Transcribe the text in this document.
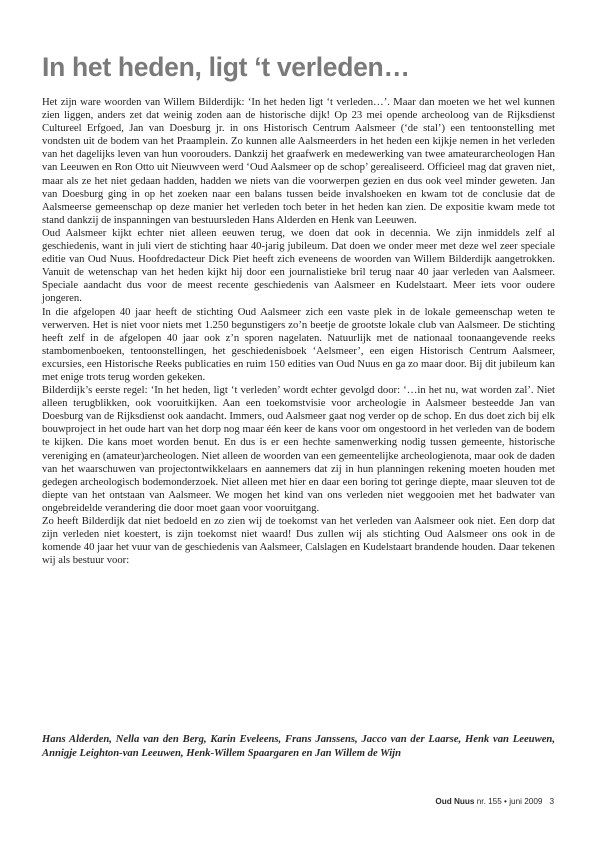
In het heden, ligt ‘t verleden…

Het zijn ware woorden van Willem Bilderdijk: ‘In het heden ligt ‘t verleden…’. Maar dan moeten we het wel kunnen zien liggen, anders zet dat weinig zoden aan de historische dijk! Op 23 mei opende archeoloog van de Rijksdienst Cultureel Erfgoed, Jan van Doesburg jr. in ons Historisch Centrum Aalsmeer (‘de stal’) een tentoonstelling met vondsten uit de bodem van het Praamplein. Zo kunnen alle Aalsmeerders in het heden een kijkje nemen in het verleden van het dagelijks leven van hun voorouders. Dankzij het graafwerk en medewerking van twee amateurarcheologen Han van Leeuwen en Ron Otto uit Nieuwveen werd ‘Oud Aalsmeer op de schop’ gerealiseerd. Officieel mag dat graven niet, maar als ze het niet gedaan hadden, hadden we niets van die voorwerpen gezien en dus ook veel minder geweten. Jan van Doesburg ging in op het zoeken naar een balans tussen beide invalshoeken en kwam tot de conclusie dat de Aalsmeerse gemeenschap op deze manier het verleden toch beter in het heden kan zien. De expositie kwam mede tot stand dankzij de inspanningen van bestuursleden Hans Alderden en Henk van Leeuwen.

Oud Aalsmeer kijkt echter niet alleen eeuwen terug, we doen dat ook in decennia. We zijn inmiddels zelf al geschiedenis, want in juli viert de stichting haar 40-jarig jubileum. Dat doen we onder meer met deze wel zeer speciale editie van Oud Nuus. Hoofdredacteur Dick Piet heeft zich eveneens de woorden van Willem Bilderdijk aangetrokken. Vanuit de wetenschap van het heden kijkt hij door een journalistieke bril terug naar 40 jaar verleden van Aalsmeer. Speciale aandacht dus voor de meest recente geschiedenis van Aalsmeer en Kudelstaart. Meer iets voor oudere jongeren.

In die afgelopen 40 jaar heeft de stichting Oud Aalsmeer zich een vaste plek in de lokale gemeenschap weten te verwerven. Het is niet voor niets met 1.250 begunstigers zo’n beetje de grootste lokale club van Aalsmeer. De stichting heeft zelf in de afgelopen 40 jaar ook z’n sporen nagelaten. Natuurlijk met de nationaal toonaangevende reeks stambomenboeken, tentoonstellingen, het geschiedenisboek ‘Aelsmeer’, een eigen Historisch Centrum Aalsmeer, excursies, een Historische Reeks publicaties en ruim 150 edities van Oud Nuus en ga zo maar door. Bij dit jubileum kan met enige trots terug worden gekeken.

Bilderdijk’s eerste regel: ‘In het heden, ligt ‘t verleden’ wordt echter gevolgd door: ‘…in het nu, wat worden zal’. Niet alleen terugblikken, ook vooruitkijken. Aan een toekomstvisie voor archeologie in Aalsmeer besteedde Jan van Doesburg van de Rijksdienst ook aandacht. Immers, oud Aalsmeer gaat nog verder op de schop. En dus doet zich bij elk bouwproject in het oude hart van het dorp nog maar één keer de kans voor om ongestoord in het verleden van de bodem te kijken. Die kans moet worden benut. En dus is er een hechte samenwerking nodig tussen gemeente, historische vereniging en (amateur)archeologen. Niet alleen de woorden van een gemeentelijke archeologienota, maar ook de daden van het waarschuwen van projectontwikkelaars en aannemers dat zij in hun planningen rekening moeten houden met gedegen archeologisch bodemonderzoek. Niet alleen met hier en daar een boring tot geringe diepte, maar sleuven tot de diepte van het ontstaan van Aalsmeer. We mogen het kind van ons verleden niet weggooien met het badwater van ongebreidelde verandering die door moet gaan voor vooruitgang.

Zo heeft Bilderdijk dat niet bedoeld en zo zien wij de toekomst van het verleden van Aalsmeer ook niet. Een dorp dat zijn verleden niet koestert, is zijn toekomst niet waard! Dus zullen wij als stichting Oud Aalsmeer ons ook in de komende 40 jaar het vuur van de geschiedenis van Aalsmeer, Calslagen en Kudelstaart brandende houden. Daar tekenen wij als bestuur voor:

Hans Alderden, Nella van den Berg, Karin Eveleens, Frans Janssens, Jacco van der Laarse, Henk van Leeuwen, Annigje Leighton-van Leeuwen, Henk-Willem Spaargaren en Jan Willem de Wijn
Oud Nuus nr. 155 • juni 2009 3
